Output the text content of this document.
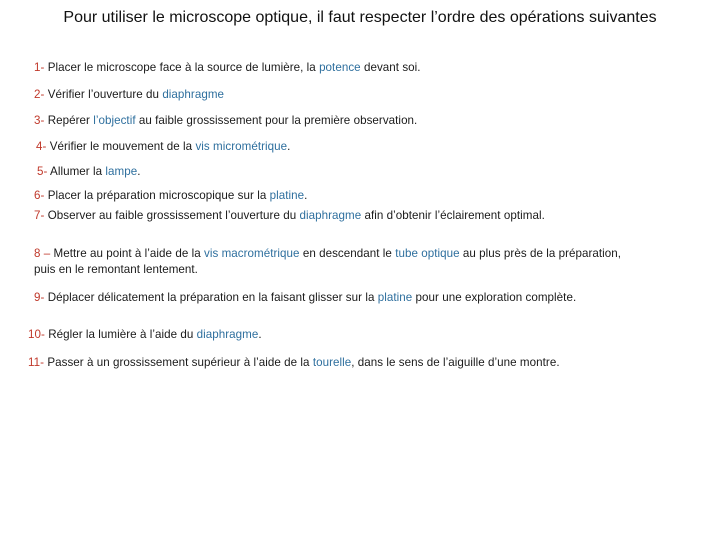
Pour utiliser le microscope optique, il faut respecter l’ordre des opérations suivantes
1- Placer le microscope face à la source de lumière, la potence devant soi.
2- Vérifier l’ouverture du diaphragme
3- Repérer l’objectif au faible grossissement pour la première observation.
4- Vérifier le mouvement de la vis micrométrique.
5- Allumer la lampe.
6- Placer la préparation microscopique sur la platine.
7- Observer au faible grossissement l’ouverture du diaphragme afin d’obtenir l’éclairement optimal.
8 – Mettre au point à l’aide de la vis macrométrique en descendant le tube optique au plus près de la préparation, puis en le remontant lentement.
9- Déplacer délicatement la préparation en la faisant glisser sur la platine pour une exploration complète.
10- Régler la lumière à l’aide du diaphragme.
11- Passer à un grossissement supérieur à l’aide de la tourelle, dans le sens de l’aiguille d’une montre.
